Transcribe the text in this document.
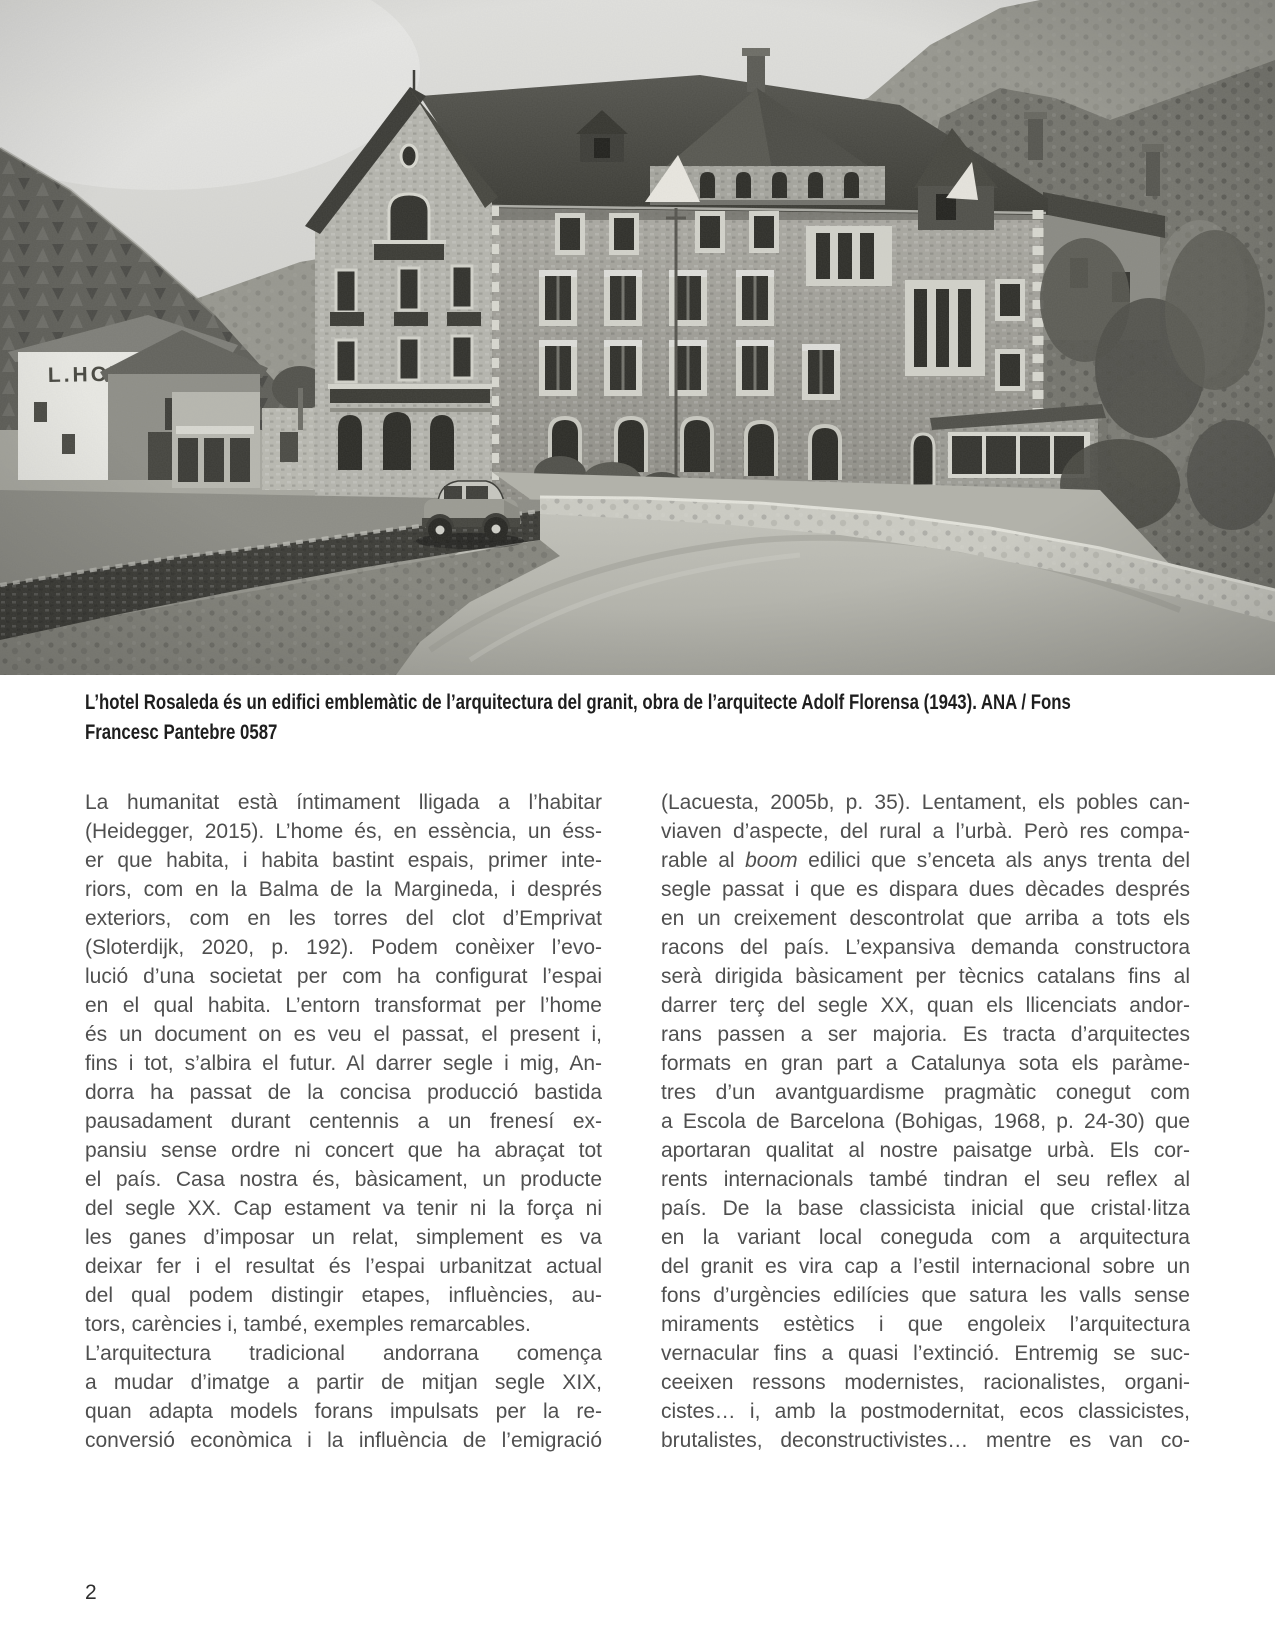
L’hotel Rosaleda és un edifici emblemàtic de l’arquitectura del granit, obra de l’arquitecte Adolf Florensa (1943). ANA / Fons
Francesc Pantebre 0587
La humanitat està íntimament lligada a l’habitar
(Heidegger, 2015). L’home és, en essència, un éss-
er que habita, i habita bastint espais, primer inte-
riors, com en la Balma de la Margineda, i després
exteriors, com en les torres del clot d’Emprivat
(Sloterdijk, 2020, p. 192). Podem conèixer l’evo-
lució d’una societat per com ha configurat l’espai
en el qual habita. L’entorn transformat per l’home
és un document on es veu el passat, el present i,
fins i tot, s’albira el futur. Al darrer segle i mig, An-
dorra ha passat de la concisa producció bastida
pausadament durant centennis a un frenesí ex-
pansiu sense ordre ni concert que ha abraçat tot
el país. Casa nostra és, bàsicament, un producte
del segle XX. Cap estament va tenir ni la força ni
les ganes d’imposar un relat, simplement es va
deixar fer i el resultat és l’espai urbanitzat actual
del qual podem distingir etapes, influències, au-
tors, carències i, també, exemples remarcables.
L’arquitectura tradicional andorrana comença
a mudar d’imatge a partir de mitjan segle XIX,
quan adapta models forans impulsats per la re-
conversió econòmica i la influència de l’emigració
(Lacuesta, 2005b, p. 35). Lentament, els pobles can-
viaven d’aspecte, del rural a l’urbà. Però res compa-
rable al boom edilici que s’enceta als anys trenta del
segle passat i que es dispara dues dècades després
en un creixement descontrolat que arriba a tots els
racons del país. L’expansiva demanda constructora
serà dirigida bàsicament per tècnics catalans fins al
darrer terç del segle XX, quan els llicenciats andor-
rans passen a ser majoria. Es tracta d’arquitectes
formats en gran part a Catalunya sota els paràme-
tres d’un avantguardisme pragmàtic conegut com
a Escola de Barcelona (Bohigas, 1968, p. 24-30) que
aportaran qualitat al nostre paisatge urbà. Els cor-
rents internacionals també tindran el seu reflex al
país. De la base classicista inicial que cristal·litza
en la variant local coneguda com a arquitectura
del granit es vira cap a l’estil internacional sobre un
fons d’urgències edilícies que satura les valls sense
miraments estètics i que engoleix l’arquitectura
vernacular fins a quasi l’extinció. Entremig se suc-
ceeixen ressons modernistes, racionalistes, organi-
cistes… i, amb la postmodernitat, ecos classicistes,
brutalistes, deconstructivistes… mentre es van co-
2
